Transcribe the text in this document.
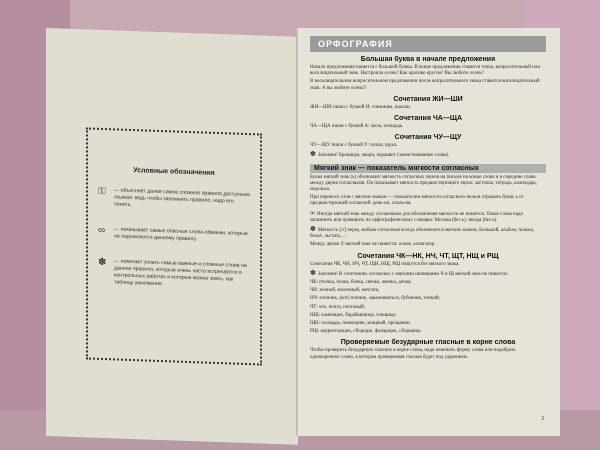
Условные обозначения
⚿	— объясняет далее самое сложное правило доступным языком: ведь чтобы запомнить правило, надо его понять.
∞	— показывает самые опасные слова-обманки, которые не подчиняются данному правилу.
✽	— помогает узнать самые важные и сложные слова на данное правило, которые очень часто встречаются в контрольных работах и которые можно звать, как таблицу умножения.
ОРФОГРАФИЯ
Большая буква в начале предложения
Начало предложения пишется с большой буквы. В конце предложения ставится точка, вопросительный или восклицательный знак. Настроила осень! Как красиво кругом! Вы любите осень?
В восклицательном вопросительном предложении после вопросительного знака ставится восклицательный знак: А вы любите осень?!
Сочетания ЖИ—ШИ
ЖИ—ШИ пиши с буквой И: снежинка, шалаш.
Сочетания ЧА—ЩА
ЧА—ЩА пиши с буквой А: часы, площадь.
Сочетания ЧУ—ЩУ
ЧУ—ЩУ пиши с буквой У: чулки, щука.
✽ Запомни! Брошюра, жюри, парашют (заимствованные слова).
Мягкий знак — показатель мягкости согласных
Буква мягкий знак (ь) обозначает мягкость согласных звуков на письме на конце слова и в середине слова между двумя согласными. Он показывает мягкость предшествующего звука: ласточка, тетрадь, календарь, неделька.
При переносе слов с мягким знаком — показателем мягкости согласного нельзя отрывать букву ь от предшествующей согласной: день-ки, спаль-ня.
∞ Иногда мягкий знак между согласными для обозначения мягкости не пишется. Такие слова надо запомнить или проверить по орфографическому словарю: Москва (без ь), звезда (без ь).
✽ Мягкость [л'] перед любым согласным всегда обозначается мягким знаком, Большой, альбом, полька, бельё, льстить, ...
Между двумя Л мягкий знак не пишется: аллея, аллигатор.
Сочетания ЧК—НК, НЧ, ЧТ, ЩТ, НЩ и РЩ
Сочетания ЧК, ЧН, НЧ, ЧТ, ЩН, НЩ, РЩ пишутся без мягкого знака.
✽ Запомни! В сочетаниях согласных с мягкими шипящими Ч и Щ мягкий знак не пишется:
ЧК: птичка, почка, бочка, свечка, овечка, дочка;
ЧН: ночной, молочный, мечтать;
НЧ: птенчик, (кот) пончик, заканчиваться, бубенчик, тонкий;
ЧТ: что, почта, почтовый;
НЩ: каменщик, барабанщица, гонщица;
ЩН: площадь, помощник, мощный, прощание;
РЩ: корректорщик, сборщик, фонарщик, сборщица.
Проверяемые безударные гласные в корне слова
Чтобы проверить безударную гласную в корне слова, надо изменить форму слова или подобрать однокоренное слово, в котором проверяемая гласная будет под ударением.
3
